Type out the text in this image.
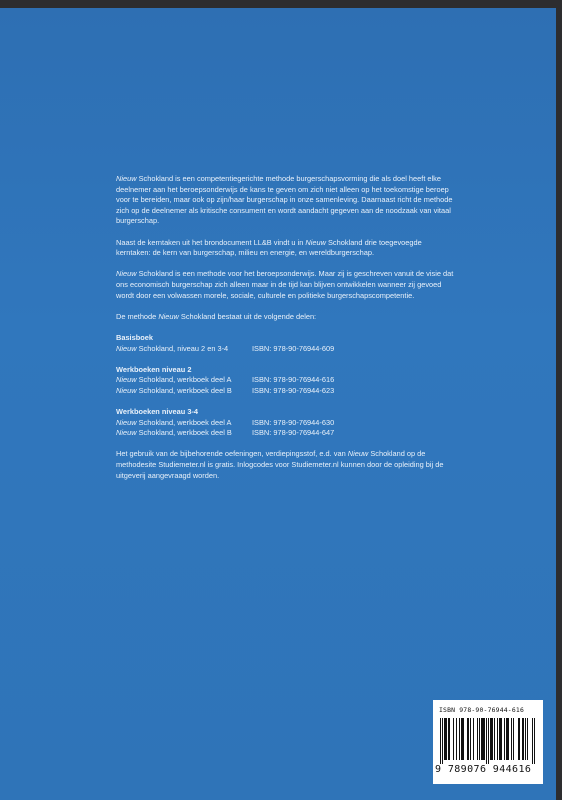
Nieuw Schokland is een competentiegerichte methode burgerschapsvorming die als doel heeft elke deelnemer aan het beroepsonderwijs de kans te geven om zich niet alleen op het toekomstige beroep voor te bereiden, maar ook op zijn/haar burgerschap in onze samenleving. Daarnaast richt de methode zich op de deelnemer als kritische consument en wordt aandacht gegeven aan de noodzaak van vitaal burgerschap.

Naast de kerntaken uit het brondocument LL&B vindt u in Nieuw Schokland drie toegevoegde kerntaken: de kern van burgerschap, milieu en energie, en wereldburgerschap.

Nieuw Schokland is een methode voor het beroepsonderwijs. Maar zij is geschreven vanuit de visie dat ons economisch burgerschap zich alleen maar in de tijd kan blijven ontwikkelen wanneer zij gevoed wordt door een volwassen morele, sociale, culturele en politieke burgerschapscompetentie.

De methode Nieuw Schokland bestaat uit de volgende delen:

Basisboek
Nieuw Schokland, niveau 2 en 3-4	ISBN: 978-90-76944-609
Werkboeken niveau 2
Nieuw Schokland, werkboek deel A	ISBN: 978-90-76944-616
Nieuw Schokland, werkboek deel B	ISBN: 978-90-76944-623
Werkboeken niveau 3-4
Nieuw Schokland, werkboek deel A	ISBN: 978-90-76944-630
Nieuw Schokland, werkboek deel B	ISBN: 978-90-76944-647

Het gebruik van de bijbehorende oefeningen, verdiepingsstof, e.d. van Nieuw Schokland op de methodesite Studiemeter.nl is gratis. Inlogcodes voor Studiemeter.nl kunnen door de opleiding bij de uitgeverij aangevraagd worden.

ISBN 978-90-76944-616
9 789076 944616
